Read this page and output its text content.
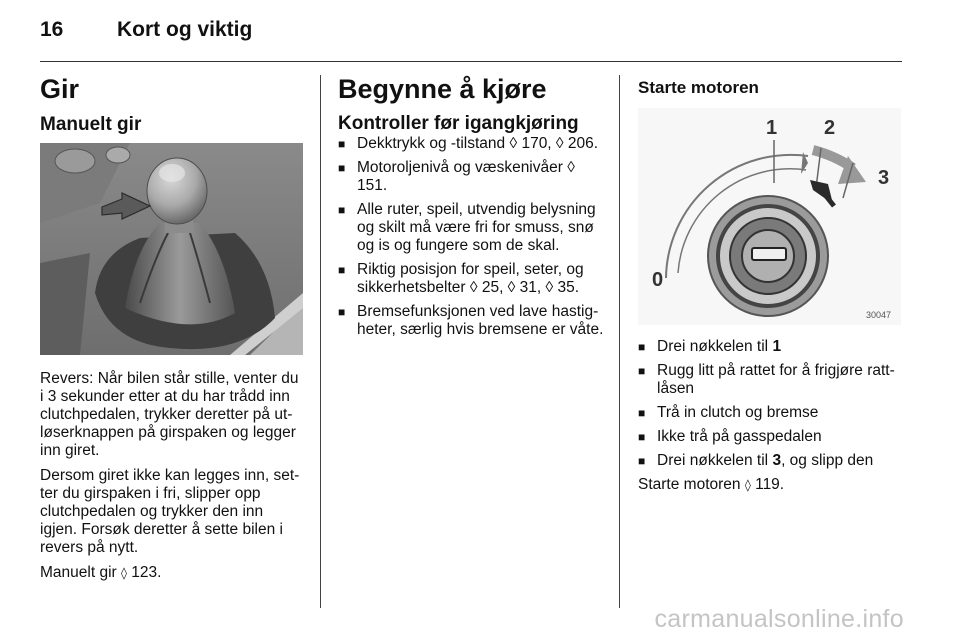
16	Kort og viktig
Gir
Manuelt gir

Revers: Når bilen står stille, venter du i 3 sekunder etter at du har trådd inn clutchpedalen, trykker deretter på ut-løserknappen på girspaken og legger inn giret.

Dersom giret ikke kan legges inn, set-ter du girspaken i fri, slipper opp clutchpedalen og trykker den inn igjen. Forsøk deretter å sette bilen i revers på nytt.

Manuelt gir ◊ 123.

Begynne å kjøre
Kontroller før igangkjøring
■ Dekktrykk og -tilstand ◊ 170, ◊ 206.
■ Motoroljenivå og væskenivåer ◊ 151.
■ Alle ruter, speil, utvendig belysning og skilt må være fri for smuss, snø og is og fungere som de skal.
■ Riktig posisjon for speil, seter, og sikkerhetsbelter ◊ 25, ◊ 31, ◊ 35.
■ Bremsefunksjonen ved lave hastig-heter, særlig hvis bremsene er våte.
Starte motoren
0
1 2
3
30047
■ Drei nøkkelen til 1
■ Rugg litt på rattet for å frigjøre ratt-låsen
■ Trå in clutch og bremse
■ Ikke trå på gasspedalen
■ Drei nøkkelen til 3, og slipp den

Starte motoren ◊ 119.

carmanualsonline.info
